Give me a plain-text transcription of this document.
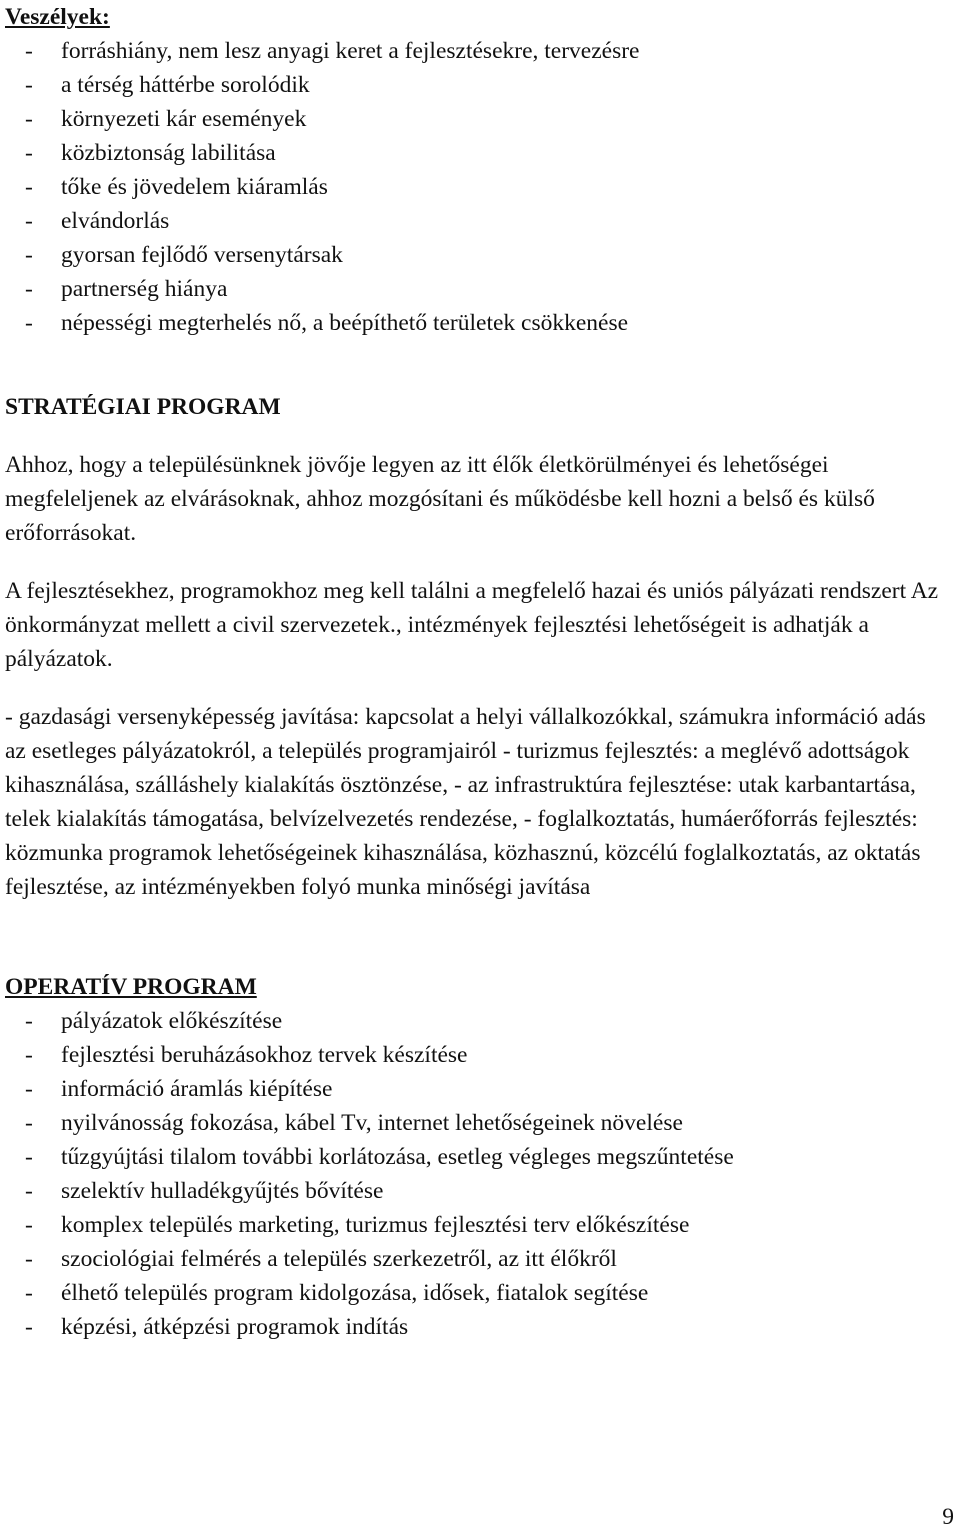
Veszélyek:
- forráshiány, nem lesz anyagi keret a fejlesztésekre, tervezésre
- a térség háttérbe sorolódik
- környezeti kár események
- közbiztonság labilitása
- tőke és jövedelem kiáramlás
- elvándorlás
- gyorsan fejlődő versenytársak
- partnerség hiánya
- népességi megterhelés nő, a beépíthető területek csökkenése
STRATÉGIAI PROGRAM

Ahhoz, hogy a településünknek jövője legyen az itt élők életkörülményei és lehetőségei megfeleljenek az elvárásoknak, ahhoz mozgósítani és működésbe kell hozni a belső és külső erőforrásokat.

A fejlesztésekhez, programokhoz meg kell találni a megfelelő hazai és uniós pályázati rendszert Az önkormányzat mellett a civil szervezetek., intézmények fejlesztési lehetőségeit is adhatják a pályázatok.

- gazdasági versenyképesség javítása: kapcsolat a helyi vállalkozókkal, számukra információ adás az esetleges pályázatokról, a település programjairól - turizmus fejlesztés: a meglévő adottságok kihasználása, szálláshely kialakítás ösztönzése, - az infrastruktúra fejlesztése: utak karbantartása, telek kialakítás támogatása, belvízelvezetés rendezése, - foglalkoztatás, humáerőforrás fejlesztés: közmunka programok lehetőségeinek kihasználása, közhasznú, közcélú foglalkoztatás, az oktatás fejlesztése, az intézményekben folyó munka minőségi javítása

OPERATÍV PROGRAM
- pályázatok előkészítése
- fejlesztési beruházásokhoz tervek készítése
- információ áramlás kiépítése
- nyilvánosság fokozása, kábel Tv, internet lehetőségeinek növelése
- tűzgyújtási tilalom további korlátozása, esetleg végleges megszűntetése
- szelektív hulladékgyűjtés bővítése
- komplex település marketing, turizmus fejlesztési terv előkészítése
- szociológiai felmérés a település szerkezetről, az itt élőkről
- élhető település program kidolgozása, idősek, fiatalok segítése
- képzési, átképzési programok indítás
9
